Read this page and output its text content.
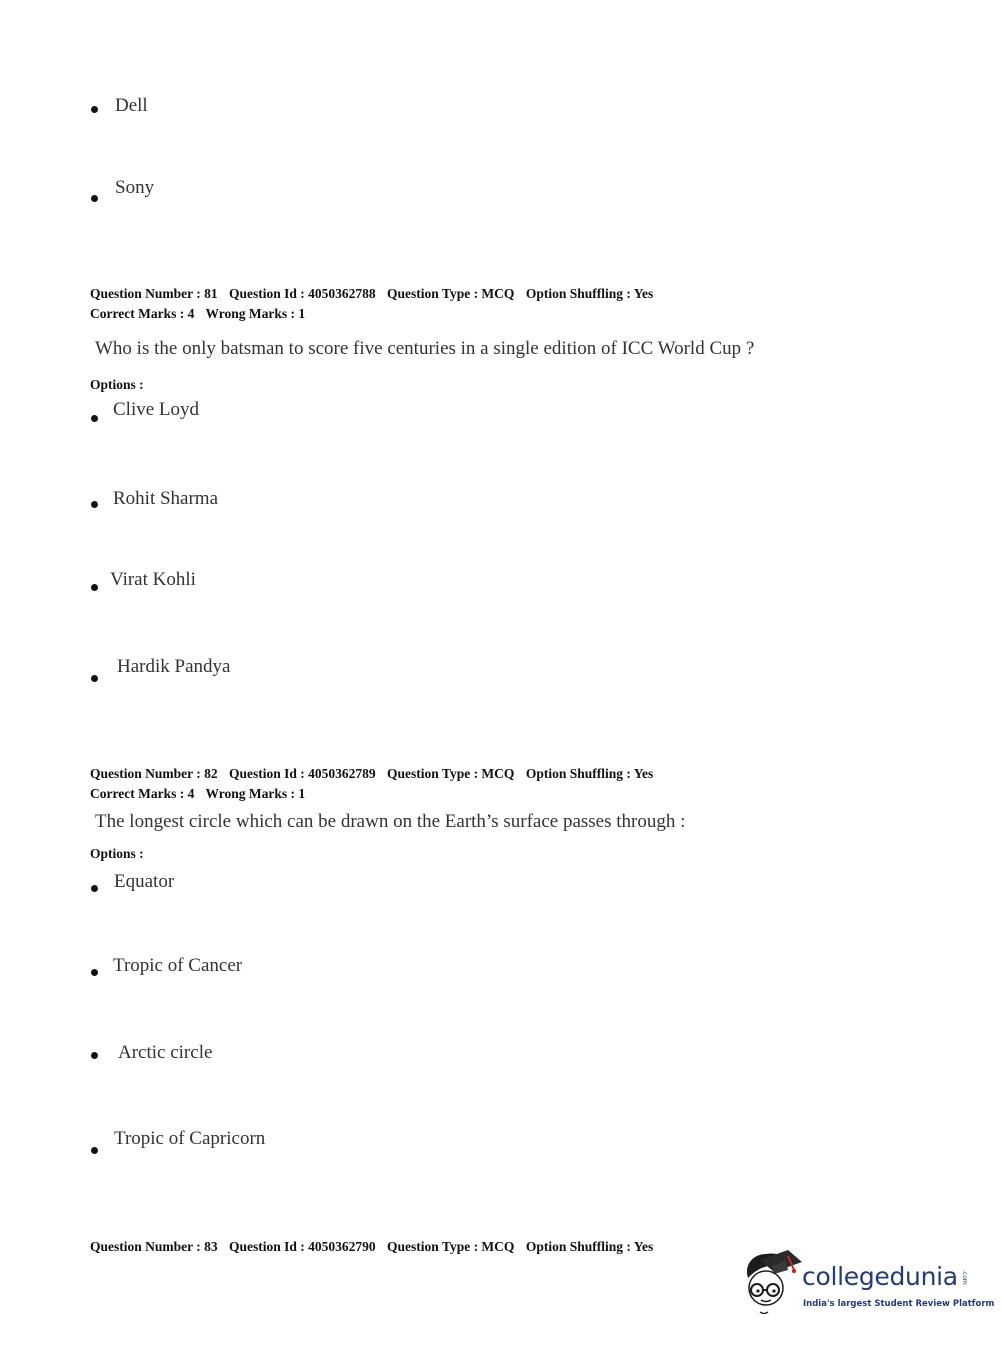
Dell
Sony
Question Number : 81 Question Id : 4050362788 Question Type : MCQ Option Shuffling : Yes
Correct Marks : 4 Wrong Marks : 1
Who is the only batsman to score five centuries in a single edition of ICC World Cup ?
Options :
Clive Loyd
Rohit Sharma
Virat Kohli
Hardik Pandya
Question Number : 82 Question Id : 4050362789 Question Type : MCQ Option Shuffling : Yes
Correct Marks : 4 Wrong Marks : 1
The longest circle which can be drawn on the Earth’s surface passes through :
Options :
Equator
Tropic of Cancer
Arctic circle
Tropic of Capricorn
Question Number : 83 Question Id : 4050362790 Question Type : MCQ Option Shuffling : Yes
collegedunia .com
India's largest Student Review Platform
